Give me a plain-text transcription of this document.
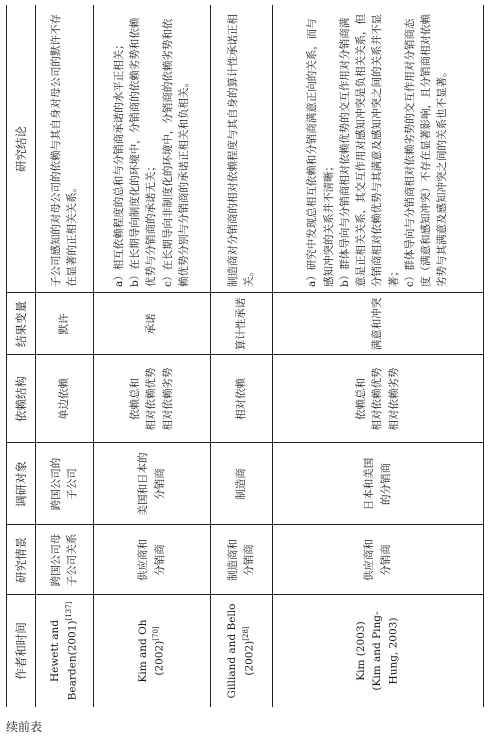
续前表
作者和时间
研究情景
调研对象
依赖结构
结果变量
研究结论
Hewett and
Bearden(2001)[137]
跨国公司母
子公司关系
跨国公司的
子公司
单边依赖
默许
子公司感知的对母公司的依赖与其自身对母公司的默许不存在显著的正相关关系。
Kim and Oh
(2002)[70]
供应商和
分销商
美国和日本的
分销商
依赖总和
相对依赖优势
相对依赖劣势
承诺
a）相互依赖程度的总和与分销商承诺的水平正相关； b）在长期导向制度化的环境中，分销商的依赖劣势和依赖优势与分销商的承诺无关； c）在长期导向非制度化的环境中，分销商的依赖劣势和依赖优势分别与分销商的承诺正相关和负相关。
Gilliand and Bello
(2002)[28]
制造商和
分销商
制造商
相对依赖
算计性承诺
制造商对分销商的相对依赖程度与其自身的算计性承诺正相关。
Kim (2003)
(Kim and Ping-
Hung, 2003)
供应商和
分销商
日本和美国
的分销商
依赖总和
相对依赖优势
相对依赖劣势
满意和冲突
a）研究中发现总相互依赖和分销商满意正向的关系，而与感知冲突的关系并不清晰； b）群体导向与分销商相对依赖优势的交互作用对分销商满意是正相关关系，其交互作用对感知冲突是负相关关系，但分销商相对依赖优势与其满意及感知冲突之间的关系并不显著； c）群体导向与分销商相对依赖劣势的交互作用对分销商态度（满意和感知冲突）不存在显著影响，且分销商相对依赖劣势与其满意及感知冲突之间的关系也不显著。
